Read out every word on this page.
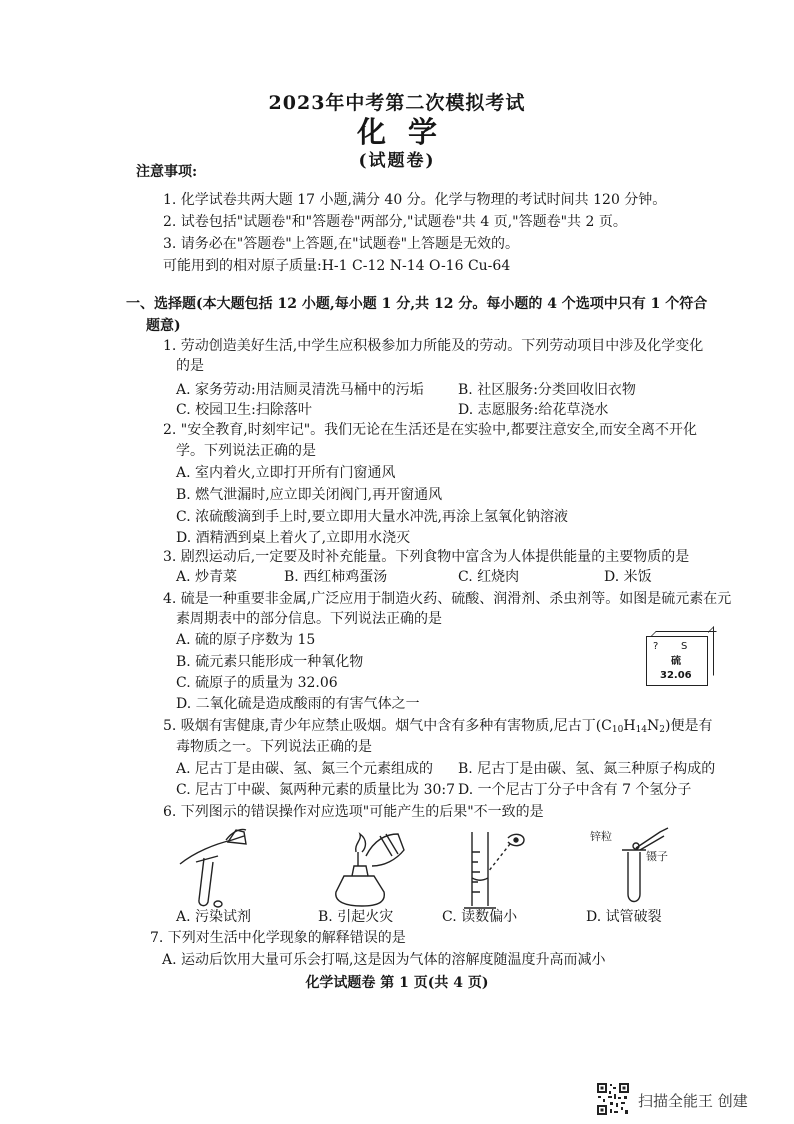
2023年中考第二次模拟考试
化学
(试题卷)
注意事项:
1. 化学试卷共两大题 17 小题,满分 40 分。化学与物理的考试时间共 120 分钟。
2. 试卷包括"试题卷"和"答题卷"两部分,"试题卷"共 4 页,"答题卷"共 2 页。
3. 请务必在"答题卷"上答题,在"试题卷"上答题是无效的。
可能用到的相对原子质量:H-1 C-12 N-14 O-16 Cu-64
一、选择题(本大题包括 12 小题,每小题 1 分,共 12 分。每小题的 4 个选项中只有 1 个符合
题意)
1. 劳动创造美好生活,中学生应积极参加力所能及的劳动。下列劳动项目中涉及化学变化
的是
A. 家务劳动:用洁厕灵清洗马桶中的污垢 B. 社区服务:分类回收旧衣物
C. 校园卫生:扫除落叶	D. 志愿服务:给花草浇水
2. "安全教育,时刻牢记"。我们无论在生活还是在实验中,都要注意安全,而安全离不开化
学。下列说法正确的是
A. 室内着火,立即打开所有门窗通风
B. 燃气泄漏时,应立即关闭阀门,再开窗通风
C. 浓硫酸滴到手上时,要立即用大量水冲洗,再涂上氢氧化钠溶液
D. 酒精洒到桌上着火了,立即用水浇灭
3. 剧烈运动后,一定要及时补充能量。下列食物中富含为人体提供能量的主要物质的是
A. 炒青菜	B. 西红柿鸡蛋汤	C. 红烧肉	D. 米饭
4. 硫是一种重要非金属,广泛应用于制造火药、硫酸、润滑剂、杀虫剂等。如图是硫元素在元
素周期表中的部分信息。下列说法正确的是
A. 硫的原子序数为 15
B. 硫元素只能形成一种氧化物
C. 硫原子的质量为 32.06
D. 二氧化硫是造成酸雨的有害气体之一
? S
硫
32.06
5. 吸烟有害健康,青少年应禁止吸烟。烟气中含有多种有害物质,尼古丁$(C_{10}H_{14}N_2)$便是有
毒物质之一。下列说法正确的是
A. 尼古丁是由碳、氢、氮三个元素组成的 B. 尼古丁是由碳、氢、氮三种原子构成的
C. 尼古丁中碳、氮两种元素的质量比为 30:7 D. 一个尼古丁分子中含有 7 个氢分子
6. 下列图示的错误操作对应选项"可能产生的后果"不一致的是
锌粒
镊子
A. 污染试剂	B. 引起火灾	C. 读数偏小	D. 试管破裂
7. 下列对生活中化学现象的解释错误的是
A. 运动后饮用大量可乐会打嗝,这是因为气体的溶解度随温度升高而减小
化学试题卷 第 1 页(共 4 页)
扫描全能王 创建
